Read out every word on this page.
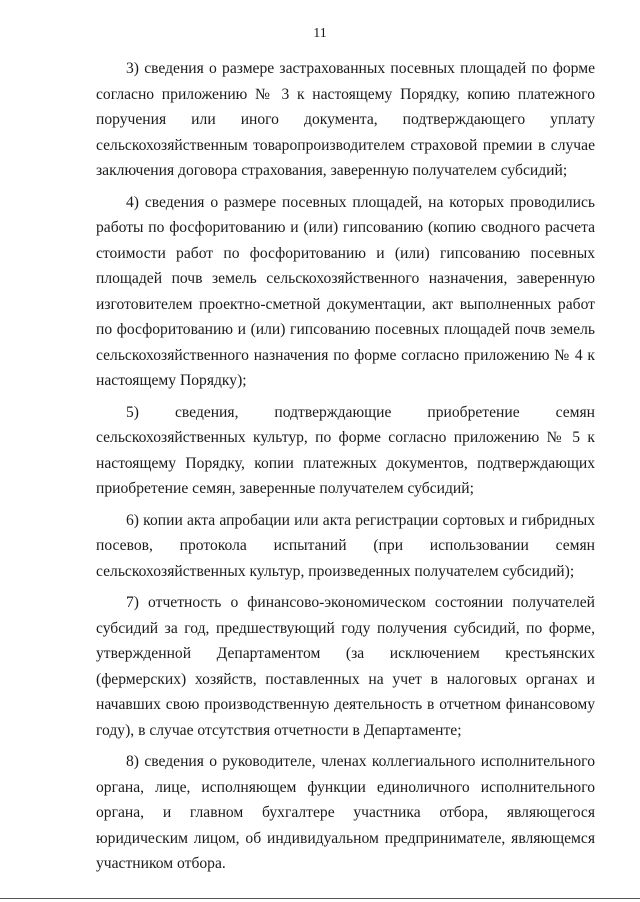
11

3) сведения о размере застрахованных посевных площадей по форме согласно приложению № 3 к настоящему Порядку, копию платежного поручения или иного документа, подтверждающего уплату сельскохозяйственным товаропроизводителем страховой премии в случае заключения договора страхования, заверенную получателем субсидий;

4) сведения о размере посевных площадей, на которых проводились работы по фосфоритованию и (или) гипсованию (копию сводного расчета стоимости работ по фосфоритованию и (или) гипсованию посевных площадей почв земель сельскохозяйственного назначения, заверенную изготовителем проектно-сметной документации, акт выполненных работ по фосфоритованию и (или) гипсованию посевных площадей почв земель сельскохозяйственного назначения по форме согласно приложению № 4 к настоящему Порядку);

5) сведения, подтверждающие приобретение семян сельскохозяйственных культур, по форме согласно приложению № 5 к настоящему Порядку, копии платежных документов, подтверждающих приобретение семян, заверенные получателем субсидий;

6) копии акта апробации или акта регистрации сортовых и гибридных посевов, протокола испытаний (при использовании семян сельскохозяйственных культур, произведенных получателем субсидий);

7) отчетность о финансово-экономическом состоянии получателей субсидий за год, предшествующий году получения субсидий, по форме, утвержденной Департаментом (за исключением крестьянских (фермерских) хозяйств, поставленных на учет в налоговых органах и начавших свою производственную деятельность в отчетном финансовому году), в случае отсутствия отчетности в Департаменте;

8) сведения о руководителе, членах коллегиального исполнительного органа, лице, исполняющем функции единоличного исполнительного органа, и главном бухгалтере участника отбора, являющегося юридическим лицом, об индивидуальном предпринимателе, являющемся участником отбора.
